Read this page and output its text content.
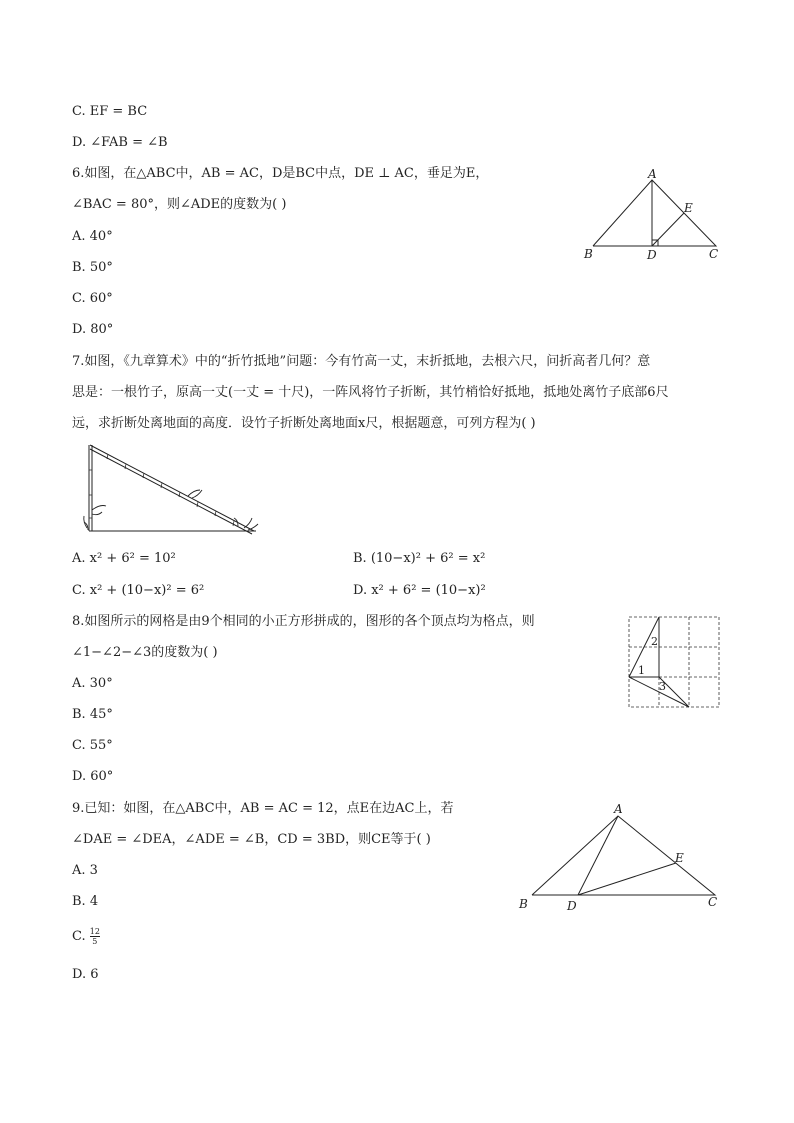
C. EF = BC
D. ∠FAB = ∠B
6.如图，在△ABC中，AB = AC，D是BC中点，DE ⊥ AC，垂足为E，
∠BAC = 80°，则∠ADE的度数为( )
A. 40°
B. 50°
C. 60°
D. 80°
A
B	C
D
E
7.如图，《九章算术》中的“折竹抵地”问题：今有竹高一丈，末折抵地，去根六尺，问折高者几何？意
思是：一根竹子，原高一丈(一丈 = 十尺)，一阵风将竹子折断，其竹梢恰好抵地，抵地处离竹子底部6尺
远，求折断处离地面的高度．设竹子折断处离地面x尺，根据题意，可列方程为( )
A. x² + 6² = 10²	B. (10−x)² + 6² = x²
C. x² + (10−x)² = 6²	D. x² + 6² = (10−x)²
8.如图所示的网格是由9个相同的小正方形拼成的，图形的各个顶点均为格点，则
∠1−∠2−∠3的度数为( )
A. 30°
B. 45°
C. 55°
D. 60°
2
1
3
9.已知：如图，在△ABC中，AB = AC = 12，点E在边AC上，若
∠DAE = ∠DEA，∠ADE = ∠B，CD = 3BD，则CE等于( )
A. 3
B. 4
C. $\frac{12}{5}$
D. 6
A
B	C
D
E
